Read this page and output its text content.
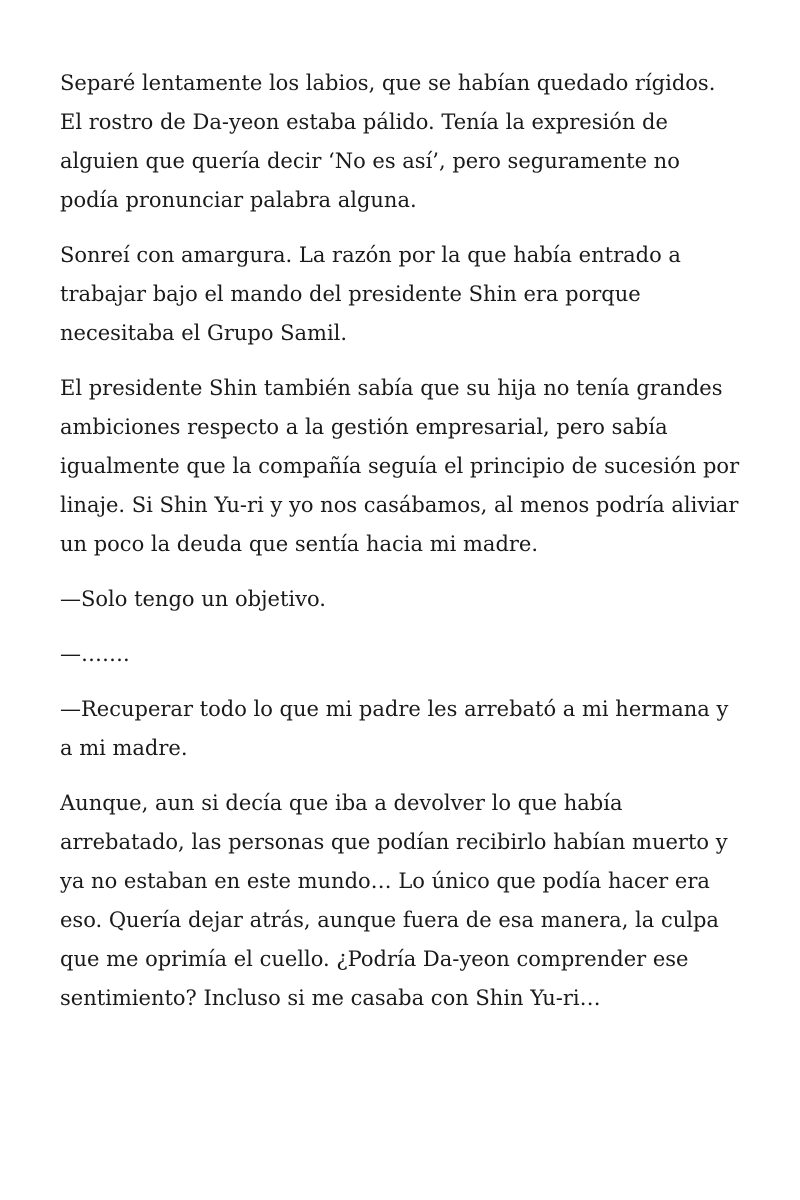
Separé lentamente los labios, que se habían quedado rígidos. El rostro de Da-yeon estaba pálido. Tenía la expresión de alguien que quería decir ‘No es así’, pero seguramente no podía pronunciar palabra alguna.

Sonreí con amargura. La razón por la que había entrado a trabajar bajo el mando del presidente Shin era porque necesitaba el Grupo Samil.

El presidente Shin también sabía que su hija no tenía grandes ambiciones respecto a la gestión empresarial, pero sabía igualmente que la compañía seguía el principio de sucesión por linaje. Si Shin Yu-ri y yo nos casábamos, al menos podría aliviar un poco la deuda que sentía hacia mi madre.

—Solo tengo un objetivo.

—…….

—Recuperar todo lo que mi padre les arrebató a mi hermana y a mi madre.

Aunque, aun si decía que iba a devolver lo que había arrebatado, las personas que podían recibirlo habían muerto y ya no estaban en este mundo… Lo único que podía hacer era eso. Quería dejar atrás, aunque fuera de esa manera, la culpa que me oprimía el cuello. ¿Podría Da-yeon comprender ese sentimiento? Incluso si me casaba con Shin Yu-ri…
